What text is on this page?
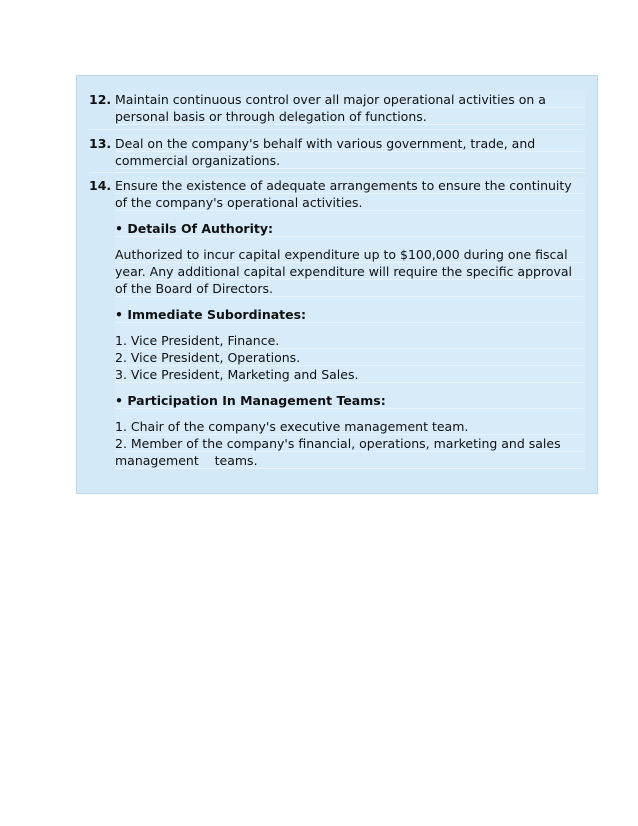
12. Maintain continuous control over all major operational activities on a
personal basis or through delegation of functions.
13. Deal on the company's behalf with various government, trade, and
commercial organizations.
14. Ensure the existence of adequate arrangements to ensure the continuity
of the company's operational activities.
• Details Of Authority:
Authorized to incur capital expenditure up to $100,000 during one fiscal
year. Any additional capital expenditure will require the specific approval
of the Board of Directors.
• Immediate Subordinates:
1. Vice President, Finance.
2. Vice President, Operations.
3. Vice President, Marketing and Sales.
• Participation In Management Teams:
1. Chair of the company's executive management team.
2. Member of the company's financial, operations, marketing and sales
management    teams.
